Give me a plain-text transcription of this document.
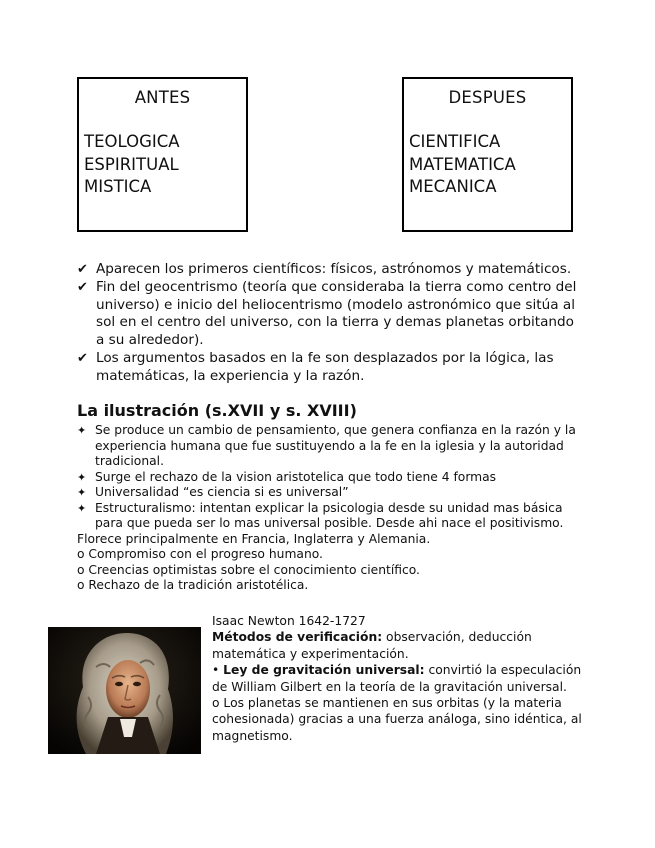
ANTES
TEOLOGICA
ESPIRITUAL
MISTICA
DESPUES
CIENTIFICA
MATEMATICA
MECANICA
✔ Aparecen los primeros científicos: físicos, astrónomos y matemáticos.
✔ Fin del geocentrismo (teoría que consideraba la tierra como centro del universo) e inicio del heliocentrismo (modelo astronómico que sitúa al sol en el centro del universo, con la tierra y demas planetas orbitando a su alrededor).
✔ Los argumentos basados en la fe son desplazados por la lógica, las matemáticas, la experiencia y la razón.
La ilustración (s.XVII y s. XVIII)
✦ Se produce un cambio de pensamiento, que genera confianza en la razón y la experiencia humana que fue sustituyendo a la fe en la iglesia y la autoridad tradicional.
✦ Surge el rechazo de la vision aristotelica que todo tiene 4 formas
✦ Universalidad “es ciencia si es universal”
✦ Estructuralismo: intentan explicar la psicologia desde su unidad mas básica para que pueda ser lo mas universal posible. Desde ahi nace el positivismo.
Florece principalmente en Francia, Inglaterra y Alemania.
o Compromiso con el progreso humano.
o Creencias optimistas sobre el conocimiento científico.
o Rechazo de la tradición aristotélica.
Isaac Newton 1642-1727
Métodos de verificación: observación, deducción matemática y experimentación.
• Ley de gravitación universal: convirtió la especulación de William Gilbert en la teoría de la gravitación universal.
o Los planetas se mantienen en sus orbitas (y la materia cohesionada) gracias a una fuerza análoga, sino idéntica, al magnetismo.
